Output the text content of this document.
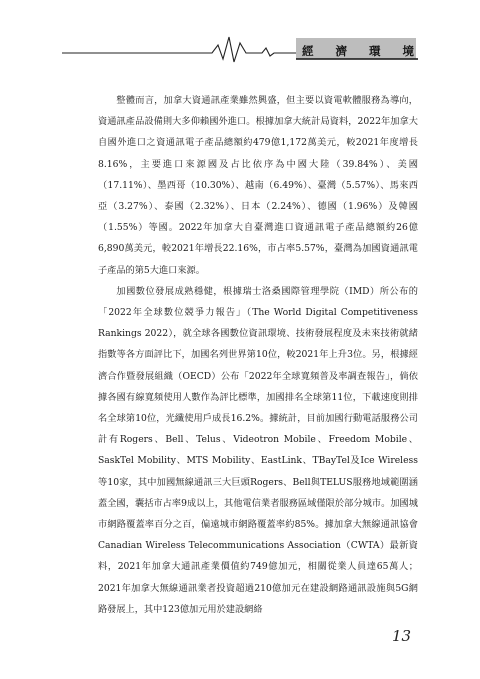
經 濟 環 境

整體而言，加拿大資通訊產業雖然興盛，但主要以資電軟體服務為導向，資通訊產品設備則大多仰賴國外進口。根據加拿大統計局資料，2022年加拿大自國外進口之資通訊電子產品總額約479億1,172萬美元，較2021年度增長8.16%，主要進口來源國及占比依序為中國大陸（39.84%）、美國（17.11%）、墨西哥（10.30%）、越南（6.49%）、臺灣（5.57%）、馬來西亞（3.27%）、泰國（2.32%）、日本（2.24%）、德國（1.96%）及韓國（1.55%）等國。2022年加拿大自臺灣進口資通訊電子產品總額約26億6,890萬美元，較2021年增長22.16%，市占率5.57%，臺灣為加國資通訊電子產品的第5大進口來源。

加國數位發展成熟穩健，根據瑞士洛桑國際管理學院（IMD）所公布的「2022年全球數位競爭力報告」（The World Digital Competitiveness Rankings 2022），就全球各國數位資訊環境、技術發展程度及未來技術就緒指數等各方面評比下，加國名列世界第10位，較2021年上升3位。另，根據經濟合作暨發展組織（OECD）公布「2022年全球寬頻普及率調查報告」，倘依據各國有線寬頻使用人數作為評比標準，加國排名全球第11位，下載速度則排名全球第10位，光纖使用戶成長16.2%。據統計，目前加國行動電話服務公司計有Rogers、Bell、Telus、Videotron Mobile、Freedom Mobile、SaskTel Mobility、MTS Mobility、EastLink、TBayTel及Ice Wireless等10家，其中加國無線通訊三大巨頭Rogers、Bell與TELUS服務地域範圍涵蓋全國，囊括市占率9成以上，其他電信業者服務區域僅限於部分城市。加國城市網路覆蓋率百分之百，偏遠城市網路覆蓋率約85%。據加拿大無線通訊協會Canadian Wireless Telecommunications Association（CWTA）最新資料，2021年加拿大通訊產業價值約749億加元，相關從業人員達65萬人；2021年加拿大無線通訊業者投資超過210億加元在建設網路通訊設施與5G網路發展上，其中123億加元用於建設網絡

13
